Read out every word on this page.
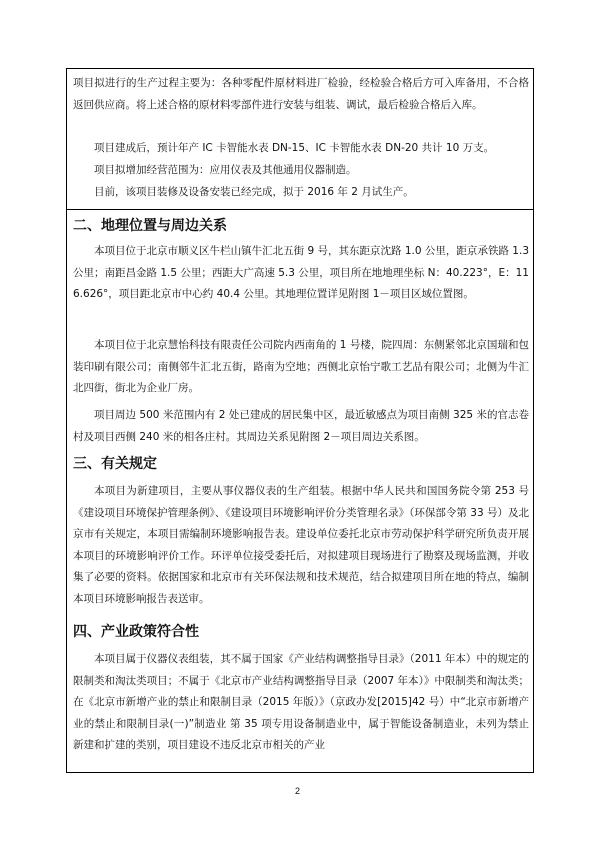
项目拟进行的生产过程主要为：各种零配件原材料进厂检验，经检验合格后方可入库备用，不合格返回供应商。将上述合格的原材料零部件进行安装与组装、调试，最后检验合格后入库。
项目建成后，预计年产 IC 卡智能水表 DN-15、IC 卡智能水表 DN-20 共计 10 万支。
项目拟增加经营范围为：应用仪表及其他通用仪器制造。
目前，该项目装修及设备安装已经完成，拟于 2016 年 2 月试生产。
二、地理位置与周边关系
本项目位于北京市顺义区牛栏山镇牛汇北五街 9 号，其东距京沈路 1.0 公里，距京承铁路 1.3 公里；南距昌金路 1.5 公里；西距大广高速 5.3 公里，项目所在地地理坐标 N：40.223°，E：116.626°，项目距北京市中心约 40.4 公里。其地理位置详见附图 1－项目区域位置图。
本项目位于北京慧怡科技有限责任公司院内西南角的 1 号楼，院四周：东侧紧邻北京国瑞和包装印刷有限公司；南侧邻牛汇北五街，路南为空地；西侧北京怡宁歌工艺品有限公司；北侧为牛汇北四街，街北为企业厂房。
项目周边 500 米范围内有 2 处已建成的居民集中区，最近敏感点为项目南侧 325 米的官志卷村及项目西侧 240 米的相各庄村。其周边关系见附图 2－项目周边关系图。
三、有关规定
本项目为新建项目，主要从事仪器仪表的生产组装。根据中华人民共和国国务院令第 253 号《建设项目环境保护管理条例》、《建设项目环境影响评价分类管理名录》（环保部令第 33 号）及北京市有关规定，本项目需编制环境影响报告表。建设单位委托北京市劳动保护科学研究所负责开展本项目的环境影响评价工作。环评单位接受委托后，对拟建项目现场进行了勘察及现场监测，并收集了必要的资料。依据国家和北京市有关环保法规和技术规范，结合拟建项目所在地的特点，编制本项目环境影响报告表送审。
四、产业政策符合性
本项目属于仪器仪表组装，其不属于国家《产业结构调整指导目录》（2011 年本）中的规定的限制类和淘汰类项目；不属于《北京市产业结构调整指导目录（2007 年本）》中限制类和淘汰类；在《北京市新增产业的禁止和限制目录（2015 年版）》（京政办发[2015]42 号）中“北京市新增产业的禁止和限制目录(一)”制造业 第 35 项专用设备制造业中，属于智能设备制造业，未列为禁止新建和扩建的类别，项目建设不违反北京市相关的产业
2
